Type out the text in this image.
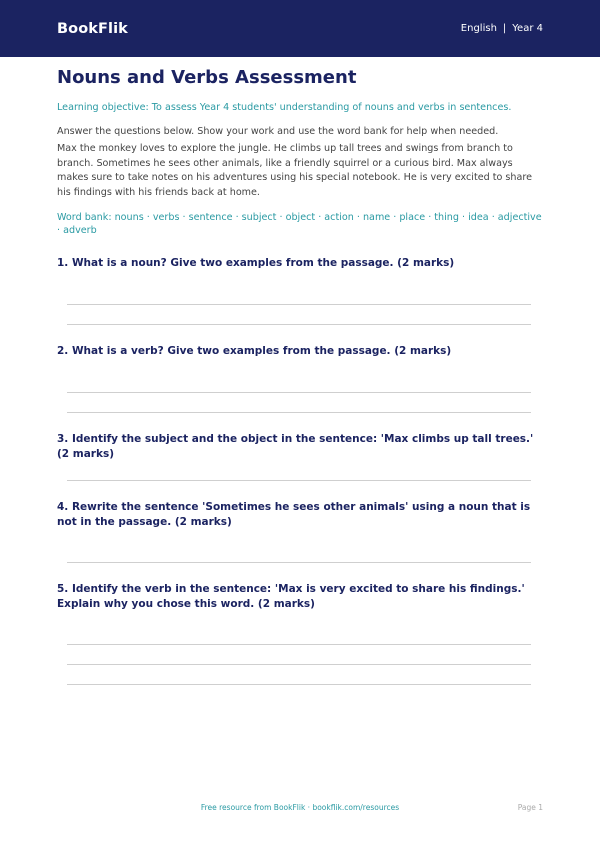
BookFlik	English | Year 4
Nouns and Verbs Assessment

Learning objective: To assess Year 4 students' understanding of nouns and verbs in sentences.

Answer the questions below. Show your work and use the word bank for help when needed.

Max the monkey loves to explore the jungle. He climbs up tall trees and swings from branch to branch. Sometimes he sees other animals, like a friendly squirrel or a curious bird. Max always makes sure to take notes on his adventures using his special notebook. He is very excited to share his findings with his friends back at home.

Word bank: nouns · verbs · sentence · subject · object · action · name · place · thing · idea · adjective · adverb

1. What is a noun? Give two examples from the passage. (2 marks)

2. What is a verb? Give two examples from the passage. (2 marks)

3. Identify the subject and the object in the sentence: 'Max climbs up tall trees.' (2 marks)

4. Rewrite the sentence 'Sometimes he sees other animals' using a noun that is not in the passage. (2 marks)

5. Identify the verb in the sentence: 'Max is very excited to share his findings.' Explain why you chose this word. (2 marks)

Free resource from BookFlik · bookflik.com/resources	Page 1
